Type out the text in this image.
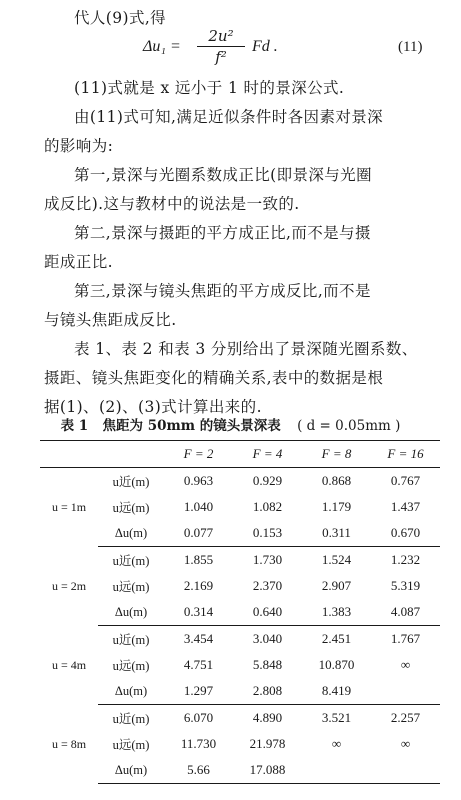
代人(9)式,得
Δu₁ =
2u²
f²
Fd .	(11)
(11)式就是 x 远小于 1 时的景深公式.
由(11)式可知,满足近似条件时各因素对景深
的影响为:
第一,景深与光圈系数成正比(即景深与光圈
成反比).这与教材中的说法是一致的.
第二,景深与摄距的平方成正比,而不是与摄
距成正比.
第三,景深与镜头焦距的平方成反比,而不是
与镜头焦距成反比.
表 1、表 2 和表 3 分别给出了景深随光圈系数、
摄距、镜头焦距变化的精确关系,表中的数据是根
据(1)、(2)、(3)式计算出来的.
表 1 焦距为 50mm 的镜头景深表 ( d = 0.05mm )
		F = 2	F = 4	F = 8	F = 16
u = 1m	u近(m)	0.963	0.929	0.868	0.767
	u远(m)	1.040	1.082	1.179	1.437
	Δu(m)	0.077	0.153	0.311	0.670
u = 2m	u近(m)	1.855	1.730	1.524	1.232
	u远(m)	2.169	2.370	2.907	5.319
	Δu(m)	0.314	0.640	1.383	4.087
u = 4m	u近(m)	3.454	3.040	2.451	1.767
	u远(m)	4.751	5.848	10.870	∞
	Δu(m)	1.297	2.808	8.419	
u = 8m	u近(m)	6.070	4.890	3.521	2.257
	u远(m)	11.730	21.978	∞	∞
	Δu(m)	5.66	17.088		
